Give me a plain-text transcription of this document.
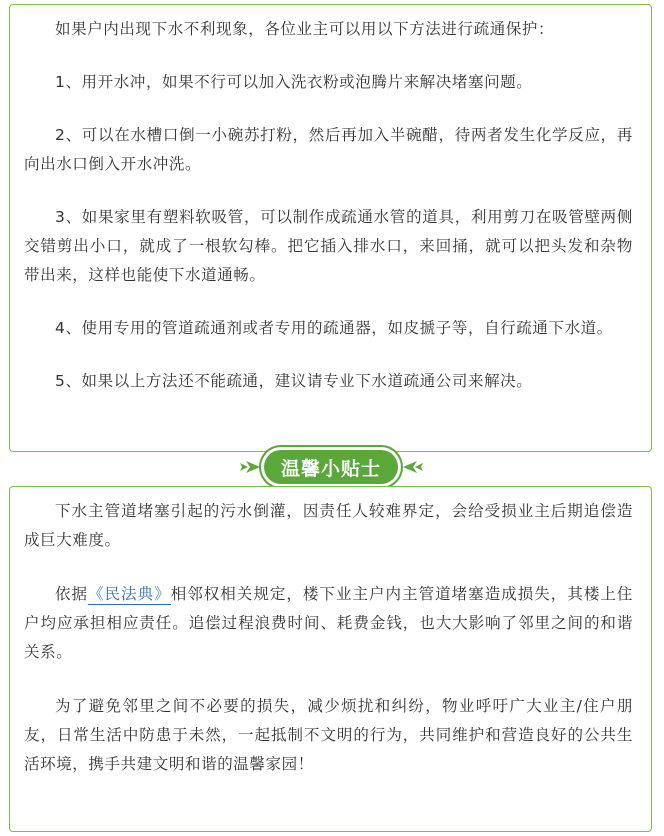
如果户内出现下水不利现象，各位业主可以用以下方法进行疏通保护：

1、用开水冲，如果不行可以加入洗衣粉或泡腾片来解决堵塞问题。

2、可以在水槽口倒一小碗苏打粉，然后再加入半碗醋，待两者发生化学反应，再向出水口倒入开水冲洗。

3、如果家里有塑料软吸管，可以制作成疏通水管的道具，利用剪刀在吸管壁两侧交错剪出小口，就成了一根软勾棒。把它插入排水口，来回捅，就可以把头发和杂物带出来，这样也能使下水道通畅。

4、使用专用的管道疏通剂或者专用的疏通器，如皮搋子等，自行疏通下水道。

5、如果以上方法还不能疏通，建议请专业下水道疏通公司来解决。

温馨小贴士

下水主管道堵塞引起的污水倒灌，因责任人较难界定，会给受损业主后期追偿造成巨大难度。

依据《民法典》相邻权相关规定，楼下业主户内主管道堵塞造成损失，其楼上住户均应承担相应责任。追偿过程浪费时间、耗费金钱，也大大影响了邻里之间的和谐关系。

为了避免邻里之间不必要的损失，减少烦扰和纠纷，物业呼吁广大业主/住户朋友，日常生活中防患于未然，一起抵制不文明的行为，共同维护和营造良好的公共生活环境，携手共建文明和谐的温馨家园！
